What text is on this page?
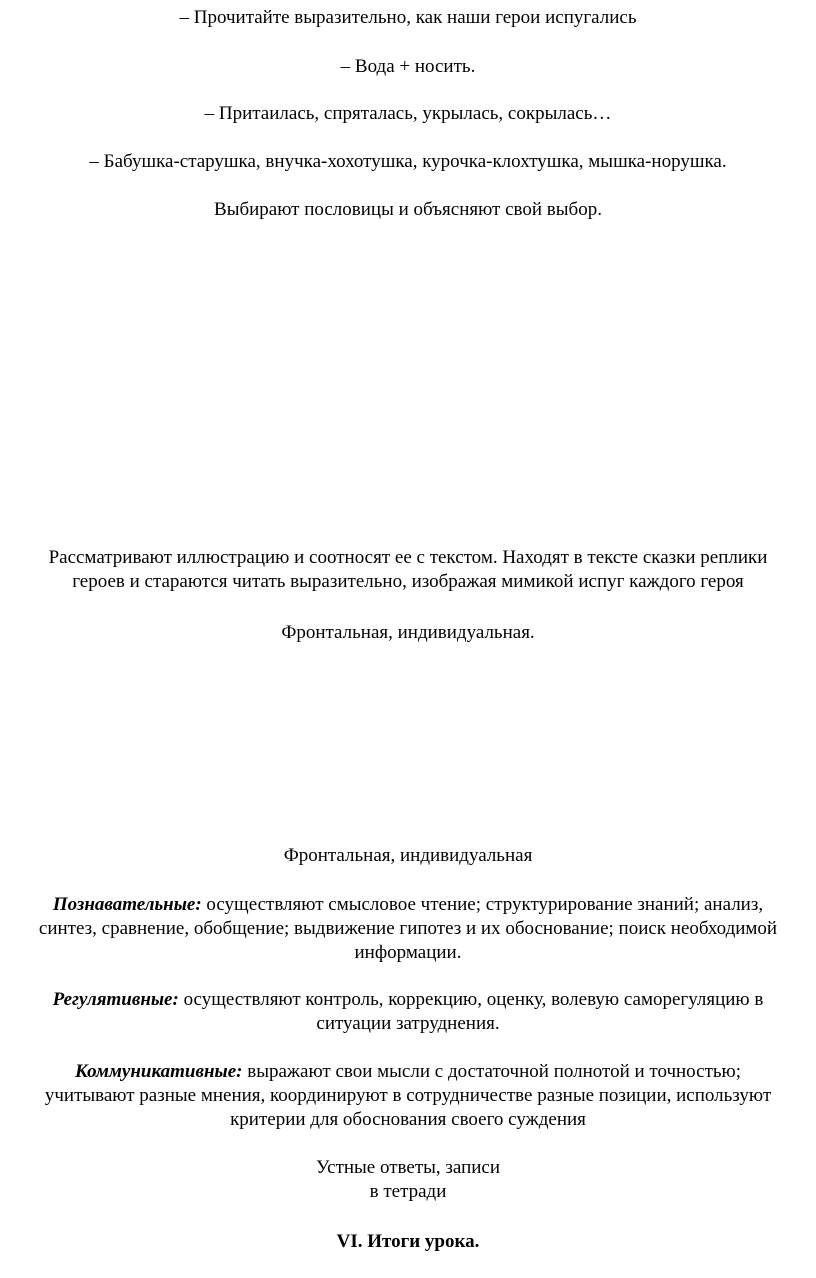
– Прочитайте выразительно, как наши герои испугались
– Вода + носить.
– Притаилась, спряталась, укрылась, сокрылась…
– Бабушка-старушка, внучка-хохотушка, курочка-клохтушка, мышка-норушка.
Выбирают пословицы и объясняют свой выбор.
Рассматривают иллюстрацию и соотносят ее с текстом. Находят в тексте сказки реплики
героев и стараются читать выразительно, изображая мимикой испуг каждого героя
Фронтальная, индивидуальная.
Фронтальная, индивидуальная
Познавательные: осуществляют смысловое чтение; структурирование знаний; анализ,
синтез, сравнение, обобщение; выдвижение гипотез и их обоснование; поиск необходимой
информации.
Регулятивные: осуществляют контроль, коррекцию, оценку, волевую саморегуляцию в
ситуации затруднения.
Коммуникативные: выражают свои мысли с достаточной полнотой и точностью;
учитывают разные мнения, координируют в сотрудничестве разные позиции, используют
критерии для обоснования своего суждения
Устные ответы, записи
в тетради
VI. Итоги урока.
